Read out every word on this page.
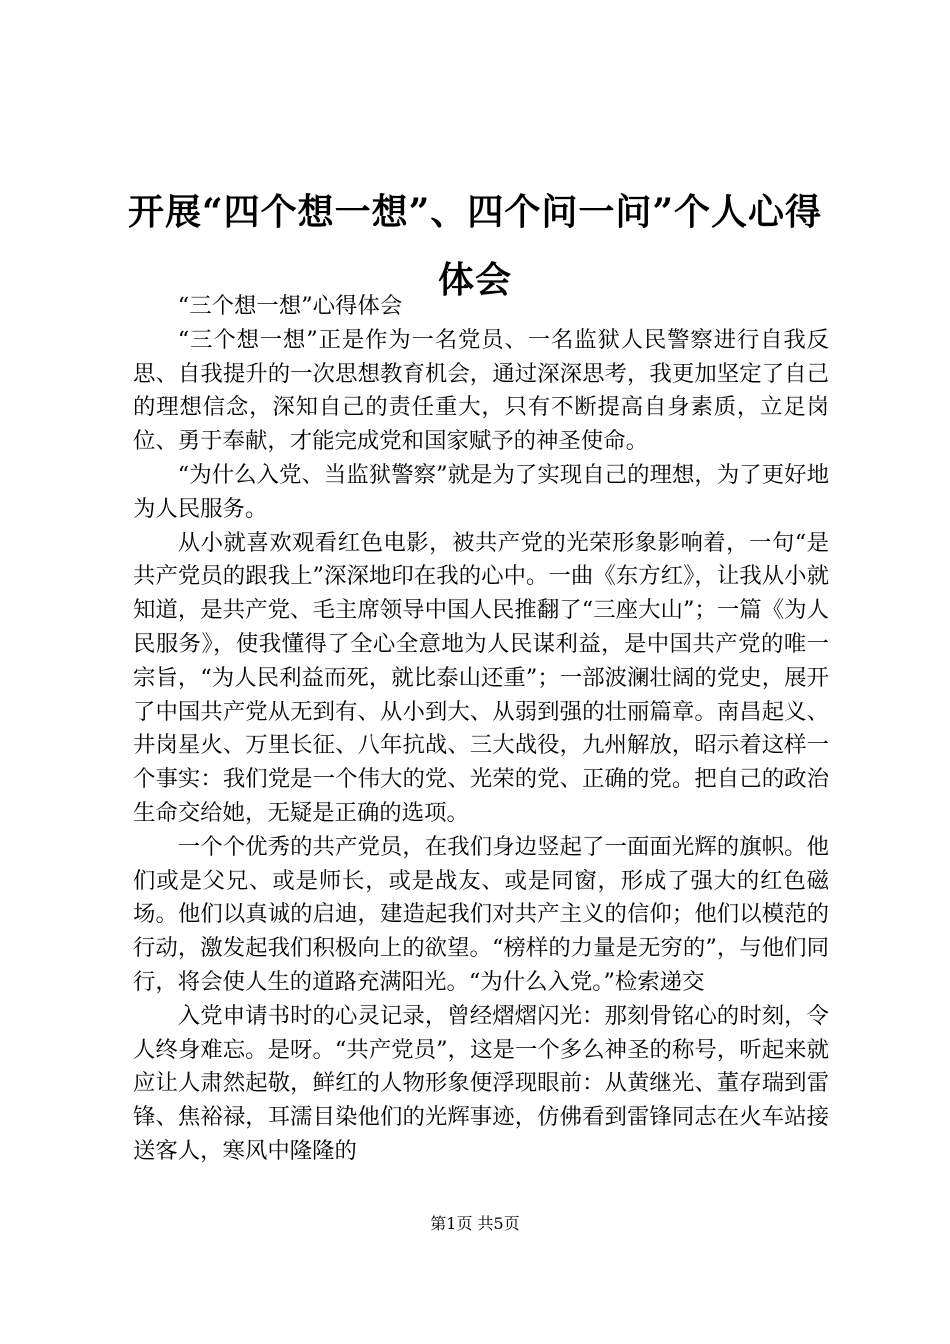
开展“四个想一想”、四个问一问”个人心得体会

“三个想一想”心得体会

“三个想一想”正是作为一名党员、一名监狱人民警察进行自我反思、自我提升的一次思想教育机会，通过深深思考，我更加坚定了自己的理想信念，深知自己的责任重大，只有不断提高自身素质，立足岗位、勇于奉献，才能完成党和国家赋予的神圣使命。

“为什么入党、当监狱警察”就是为了实现自己的理想，为了更好地为人民服务。

从小就喜欢观看红色电影，被共产党的光荣形象影响着，一句“是共产党员的跟我上”深深地印在我的心中。一曲《东方红》，让我从小就知道，是共产党、毛主席领导中国人民推翻了“三座大山”；一篇《为人民服务》，使我懂得了全心全意地为人民谋利益，是中国共产党的唯一宗旨，“为人民利益而死，就比泰山还重”；一部波澜壮阔的党史，展开了中国共产党从无到有、从小到大、从弱到强的壮丽篇章。南昌起义、井岗星火、万里长征、八年抗战、三大战役，九州解放，昭示着这样一个事实：我们党是一个伟大的党、光荣的党、正确的党。把自己的政治生命交给她，无疑是正确的选项。

一个个优秀的共产党员，在我们身边竖起了一面面光辉的旗帜。他们或是父兄、或是师长，或是战友、或是同窗，形成了强大的红色磁场。他们以真诚的启迪，建造起我们对共产主义的信仰；他们以模范的行动，激发起我们积极向上的欲望。“榜样的力量是无穷的”，与他们同行，将会使人生的道路充满阳光。“为什么入党。”检索递交

入党申请书时的心灵记录，曾经熠熠闪光：那刻骨铭心的时刻，令人终身难忘。是呀。“共产党员”，这是一个多么神圣的称号，听起来就应让人肃然起敬，鲜红的人物形象便浮现眼前：从黄继光、董存瑞到雷锋、焦裕禄，耳濡目染他们的光辉事迹，仿佛看到雷锋同志在火车站接送客人，寒风中隆隆的

第1页 共5页
